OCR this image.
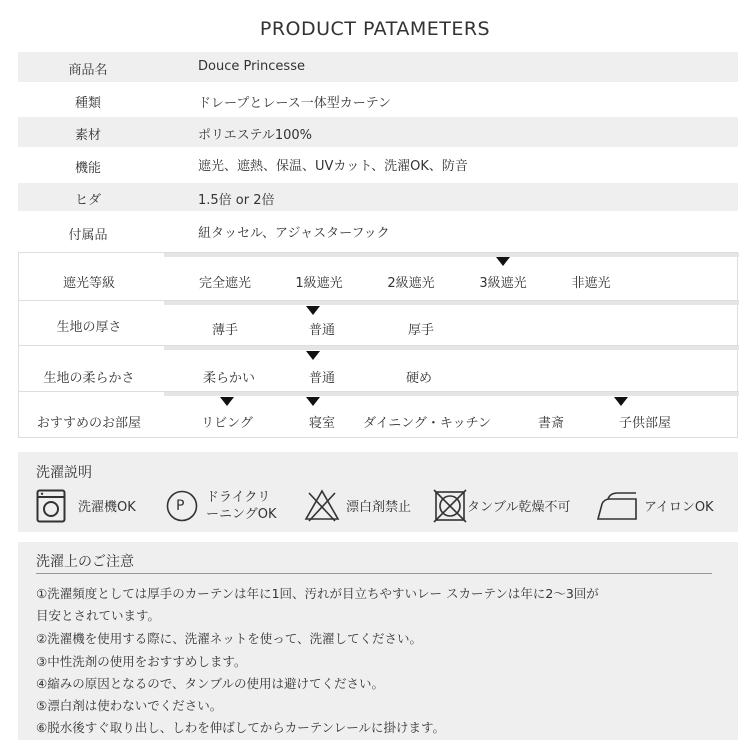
PRODUCT PATAMETERS
商品名	Douce Princesse
種類	ドレープとレース一体型カーテン
素材	ポリエステル100%
機能	遮光、遮熱、保温、UVカット、洗濯OK、防音
ヒダ	1.5倍 or 2倍
付属品	紐タッセル、アジャスターフック
遮光等級	完全遮光	1級遮光	2級遮光	3級遮光	非遮光
生地の厚さ	薄手	普通	厚手
生地の柔らかさ	柔らかい	普通	硬め
おすすめのお部屋	リビング	寝室 ダイニング・キッチン	書斎	子供部屋
洗濯説明
洗濯機OK	P
ドライクリ
ーニングOK	漂白剤禁止	タンブル乾燥不可	アイロンOK
洗濯上のご注意
①洗濯頻度としては厚手のカーテンは年に1回、汚れが目立ちやすいレー スカーテンは年に2〜3回が
目安とされています。
②洗濯機を使用する際に、洗濯ネットを使って、洗濯してください。
③中性洗剤の使用をおすすめします。
④縮みの原因となるので、タンブルの使用は避けてください。
⑤漂白剤は使わないでください。
⑥脱水後すぐ取り出し、しわを伸ばしてからカーテンレールに掛けます。
